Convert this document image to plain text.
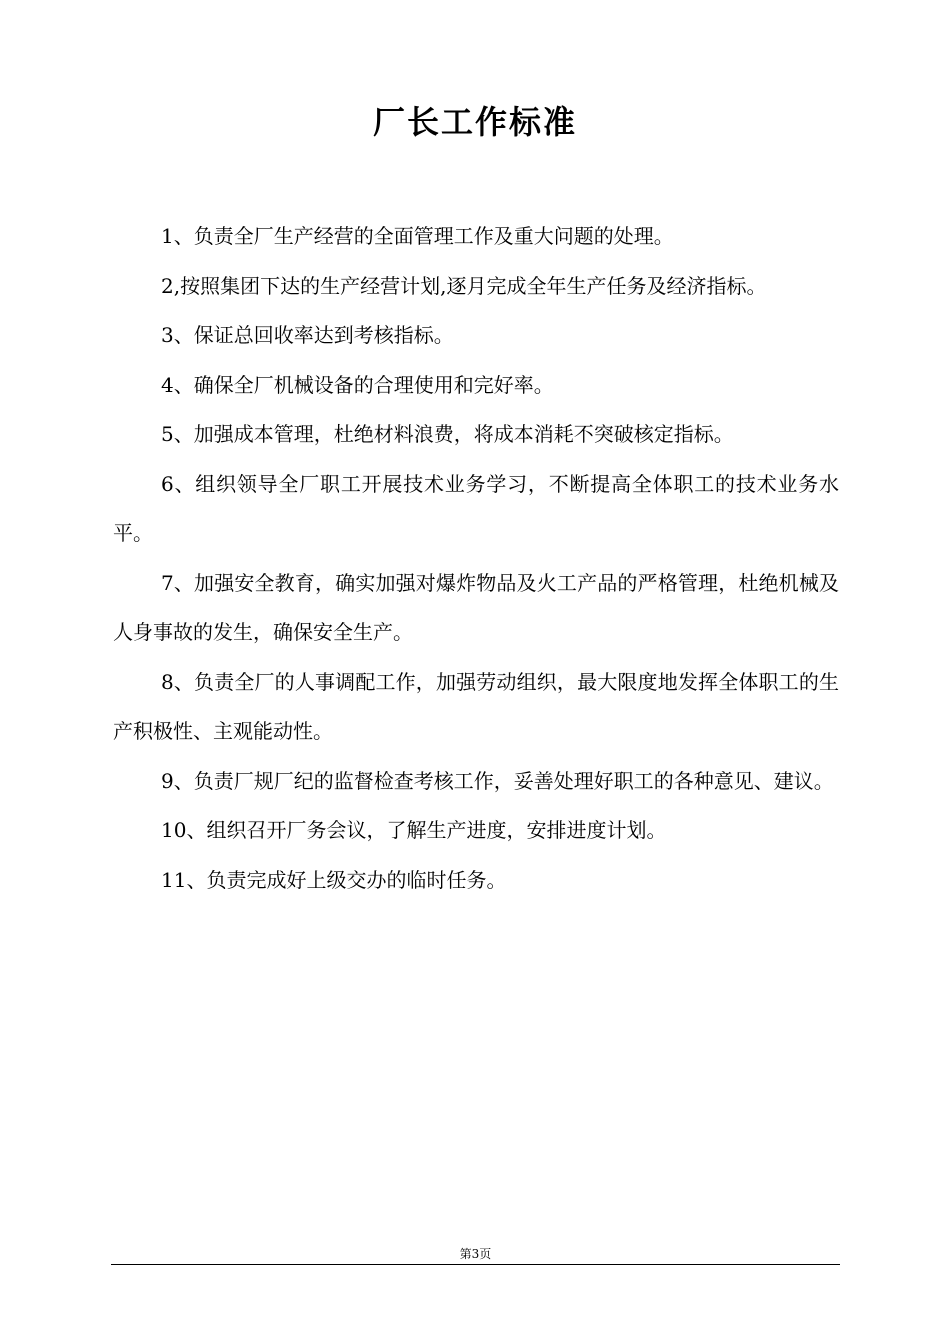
厂长工作标准

1、负责全厂生产经营的全面管理工作及重大问题的处理。

2,按照集团下达的生产经营计划,逐月完成全年生产任务及经济指标。

3、保证总回收率达到考核指标。

4、确保全厂机械设备的合理使用和完好率。

5、加强成本管理，杜绝材料浪费，将成本消耗不突破核定指标。

6、组织领导全厂职工开展技术业务学习，不断提高全体职工的技术业务水平。

7、加强安全教育，确实加强对爆炸物品及火工产品的严格管理，杜绝机械及人身事故的发生，确保安全生产。

8、负责全厂的人事调配工作，加强劳动组织，最大限度地发挥全体职工的生产积极性、主观能动性。

9、负责厂规厂纪的监督检查考核工作，妥善处理好职工的各种意见、建议。

10、组织召开厂务会议，了解生产进度，安排进度计划。

11、负责完成好上级交办的临时任务。

第3页
